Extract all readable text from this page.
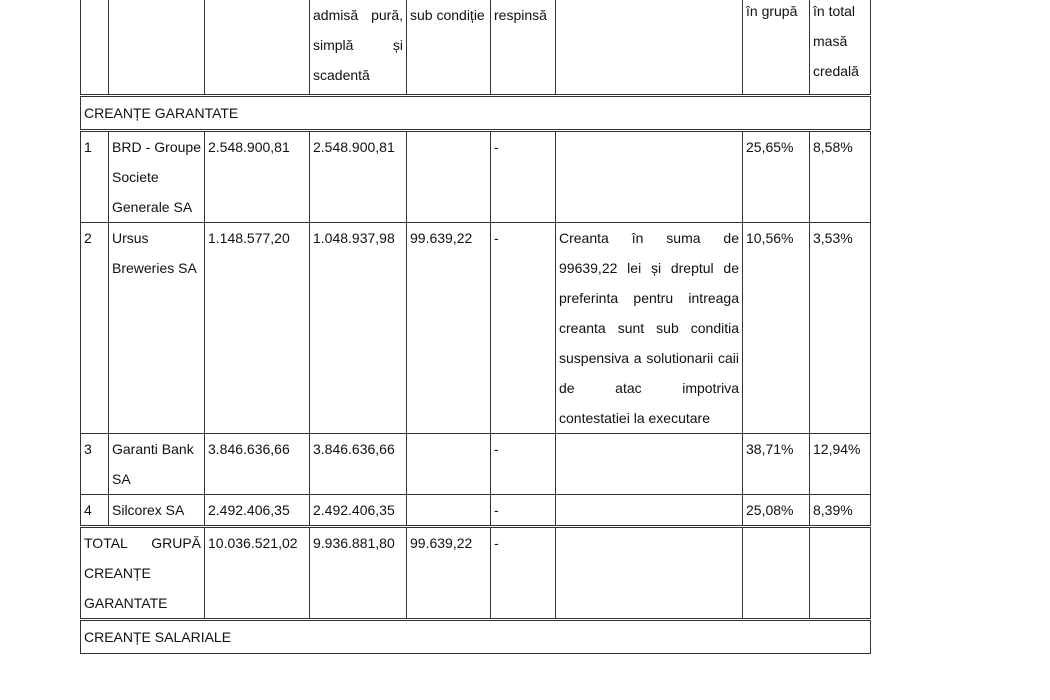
			admisă pură, simplă și scadentă	sub condiție	respinsă		în grupă	în total masă credală
CREANȚE GARANTATE								
1	BRD - Groupe Societe Generale SA	2.548.900,81	2.548.900,81		-		25,65%	8,58%
2	Ursus Breweries SA	1.148.577,20	1.048.937,98	99.639,22	-	Creanta în suma de 99639,22 lei și dreptul de preferinta pentru intreaga creanta sunt sub conditia suspensiva a solutionarii caii de atac impotriva contestatiei la executare	10,56%	3,53%
3	Garanti Bank SA	3.846.636,66	3.846.636,66		-		38,71%	12,94%
4	Silcorex SA	2.492.406,35	2.492.406,35		-		25,08%	8,39%
TOTAL GRUPĂ CREANȚE GARANTATE		10.036.521,02	9.936.881,80	99.639,22	-			
CREANȚE SALARIALE								
